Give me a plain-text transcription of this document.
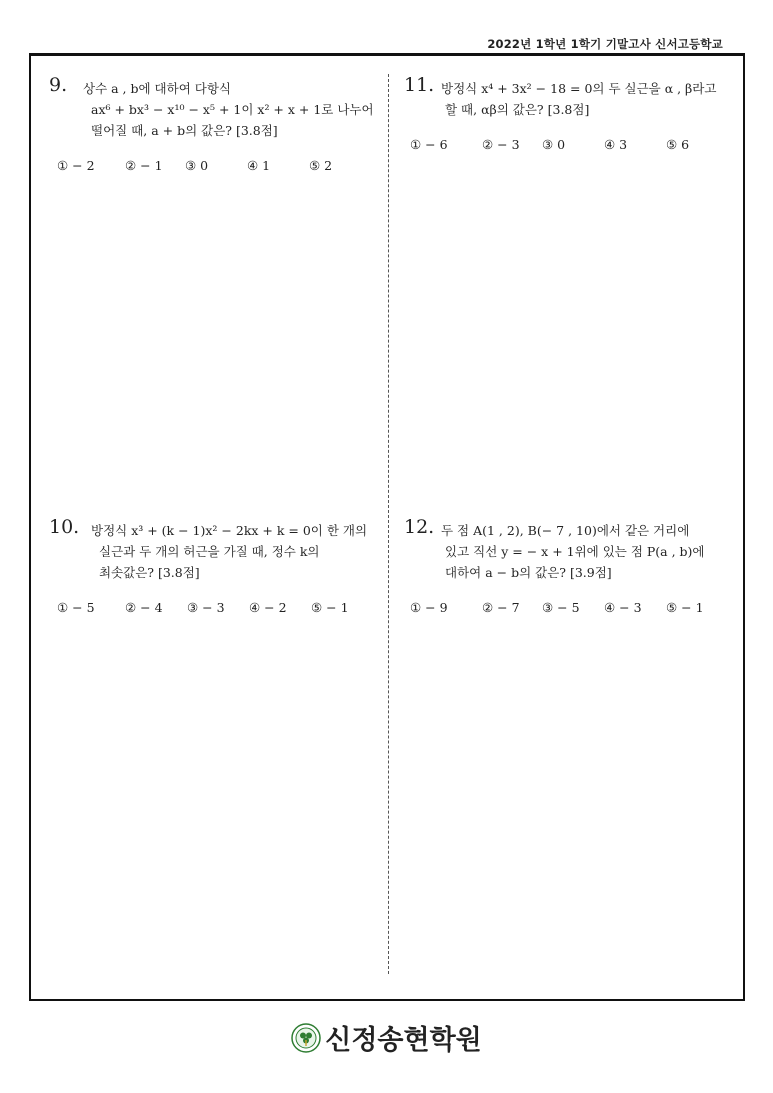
2022년 1학년 1학기 기말고사 신서고등학교
9. 상수 a , b에 대하여 다항식
ax⁶ + bx³ − x¹⁰ − x⁵ + 1이 x² + x + 1로 나누어
떨어질 때, a + b의 값은? [3.8점]
① − 2	② − 1	③ 0	④ 1	⑤ 2
10. 방정식 x³ + (k − 1)x² − 2kx + k = 0이 한 개의
실근과 두 개의 허근을 가질 때, 정수 k의
최솟값은? [3.8점]
① − 5	② − 4	③ − 3	④ − 2	⑤ − 1
11. 방정식 x⁴ + 3x² − 18 = 0의 두 실근을 α , β라고
할 때, αβ의 값은? [3.8점]
① − 6	② − 3	③ 0	④ 3	⑤ 6
12. 두 점 A(1 , 2), B(− 7 , 10)에서 같은 거리에
있고 직선 y = − x + 1위에 있는 점 P(a , b)에
대하여 a − b의 값은? [3.9점]
① − 9	② − 7	③ − 5	④ − 3	⑤ − 1
신정송현학원
